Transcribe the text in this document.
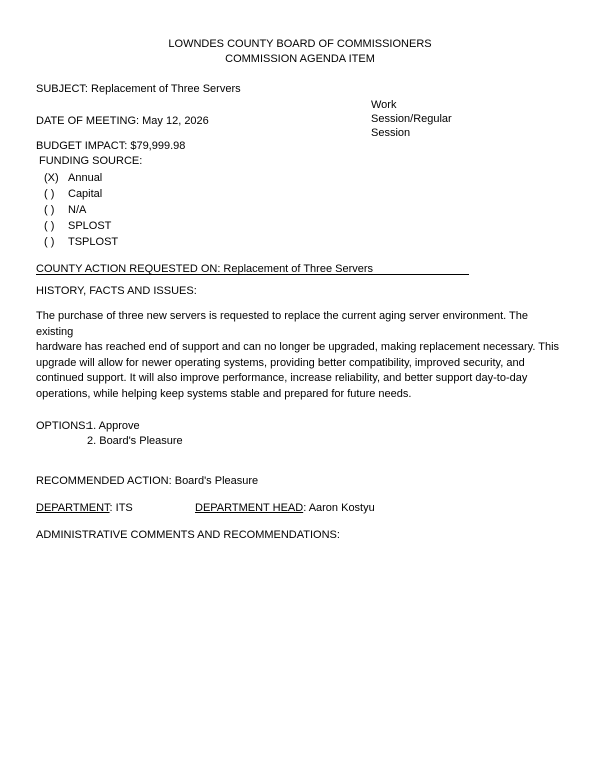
LOWNDES COUNTY BOARD OF COMMISSIONERS
COMMISSION AGENDA ITEM
SUBJECT: Replacement of Three Servers
Work
Session/Regular
Session
DATE OF MEETING: May 12, 2026
BUDGET IMPACT: $79,999.98
FUNDING SOURCE:
(X) Annual
( ) Capital
( ) N/A
( ) SPLOST
( ) TSPLOST
COUNTY ACTION REQUESTED ON: Replacement of Three Servers
HISTORY, FACTS AND ISSUES:

The purchase of three new servers is requested to replace the current aging server environment. The existing

hardware has reached end of support and can no longer be upgraded, making replacement necessary. This

upgrade will allow for newer operating systems, providing better compatibility, improved security, and

continued support. It will also improve performance, increase reliability, and better support day-to-day

operations, while helping keep systems stable and prepared for future needs.

OPTIONS:
1. Approve
2. Board's Pleasure
RECOMMENDED ACTION: Board's Pleasure
DEPARTMENT: ITS	DEPARTMENT HEAD: Aaron Kostyu
ADMINISTRATIVE COMMENTS AND RECOMMENDATIONS:
